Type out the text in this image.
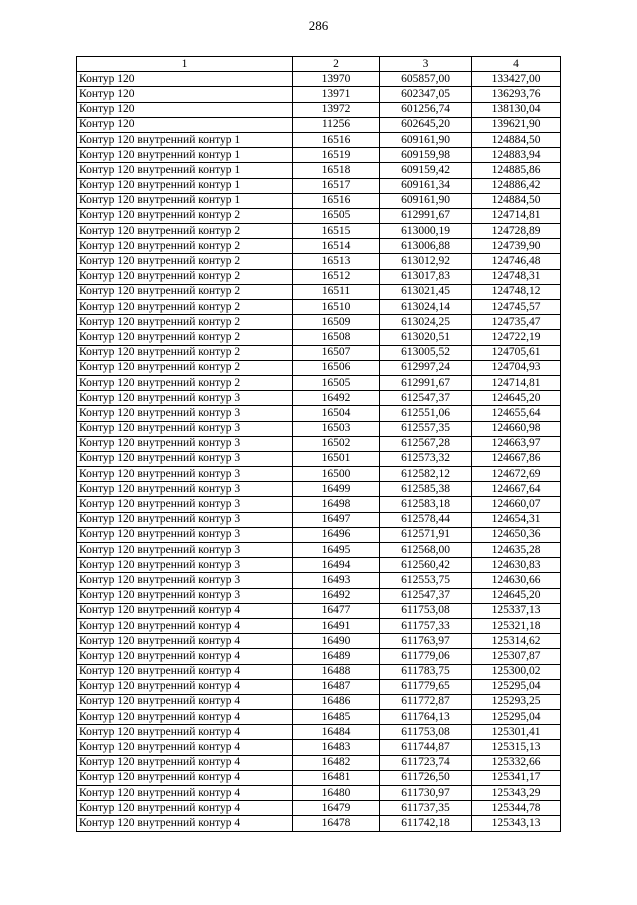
286
1	2	3	4
Контур 120	13970	605857,00	133427,00
Контур 120	13971	602347,05	136293,76
Контур 120	13972	601256,74	138130,04
Контур 120	11256	602645,20	139621,90
Контур 120 внутренний контур 1	16516	609161,90	124884,50
Контур 120 внутренний контур 1	16519	609159,98	124883,94
Контур 120 внутренний контур 1	16518	609159,42	124885,86
Контур 120 внутренний контур 1	16517	609161,34	124886,42
Контур 120 внутренний контур 1	16516	609161,90	124884,50
Контур 120 внутренний контур 2	16505	612991,67	124714,81
Контур 120 внутренний контур 2	16515	613000,19	124728,89
Контур 120 внутренний контур 2	16514	613006,88	124739,90
Контур 120 внутренний контур 2	16513	613012,92	124746,48
Контур 120 внутренний контур 2	16512	613017,83	124748,31
Контур 120 внутренний контур 2	16511	613021,45	124748,12
Контур 120 внутренний контур 2	16510	613024,14	124745,57
Контур 120 внутренний контур 2	16509	613024,25	124735,47
Контур 120 внутренний контур 2	16508	613020,51	124722,19
Контур 120 внутренний контур 2	16507	613005,52	124705,61
Контур 120 внутренний контур 2	16506	612997,24	124704,93
Контур 120 внутренний контур 2	16505	612991,67	124714,81
Контур 120 внутренний контур 3	16492	612547,37	124645,20
Контур 120 внутренний контур 3	16504	612551,06	124655,64
Контур 120 внутренний контур 3	16503	612557,35	124660,98
Контур 120 внутренний контур 3	16502	612567,28	124663,97
Контур 120 внутренний контур 3	16501	612573,32	124667,86
Контур 120 внутренний контур 3	16500	612582,12	124672,69
Контур 120 внутренний контур 3	16499	612585,38	124667,64
Контур 120 внутренний контур 3	16498	612583,18	124660,07
Контур 120 внутренний контур 3	16497	612578,44	124654,31
Контур 120 внутренний контур 3	16496	612571,91	124650,36
Контур 120 внутренний контур 3	16495	612568,00	124635,28
Контур 120 внутренний контур 3	16494	612560,42	124630,83
Контур 120 внутренний контур 3	16493	612553,75	124630,66
Контур 120 внутренний контур 3	16492	612547,37	124645,20
Контур 120 внутренний контур 4	16477	611753,08	125337,13
Контур 120 внутренний контур 4	16491	611757,33	125321,18
Контур 120 внутренний контур 4	16490	611763,97	125314,62
Контур 120 внутренний контур 4	16489	611779,06	125307,87
Контур 120 внутренний контур 4	16488	611783,75	125300,02
Контур 120 внутренний контур 4	16487	611779,65	125295,04
Контур 120 внутренний контур 4	16486	611772,87	125293,25
Контур 120 внутренний контур 4	16485	611764,13	125295,04
Контур 120 внутренний контур 4	16484	611753,08	125301,41
Контур 120 внутренний контур 4	16483	611744,87	125315,13
Контур 120 внутренний контур 4	16482	611723,74	125332,66
Контур 120 внутренний контур 4	16481	611726,50	125341,17
Контур 120 внутренний контур 4	16480	611730,97	125343,29
Контур 120 внутренний контур 4	16479	611737,35	125344,78
Контур 120 внутренний контур 4	16478	611742,18	125343,13
